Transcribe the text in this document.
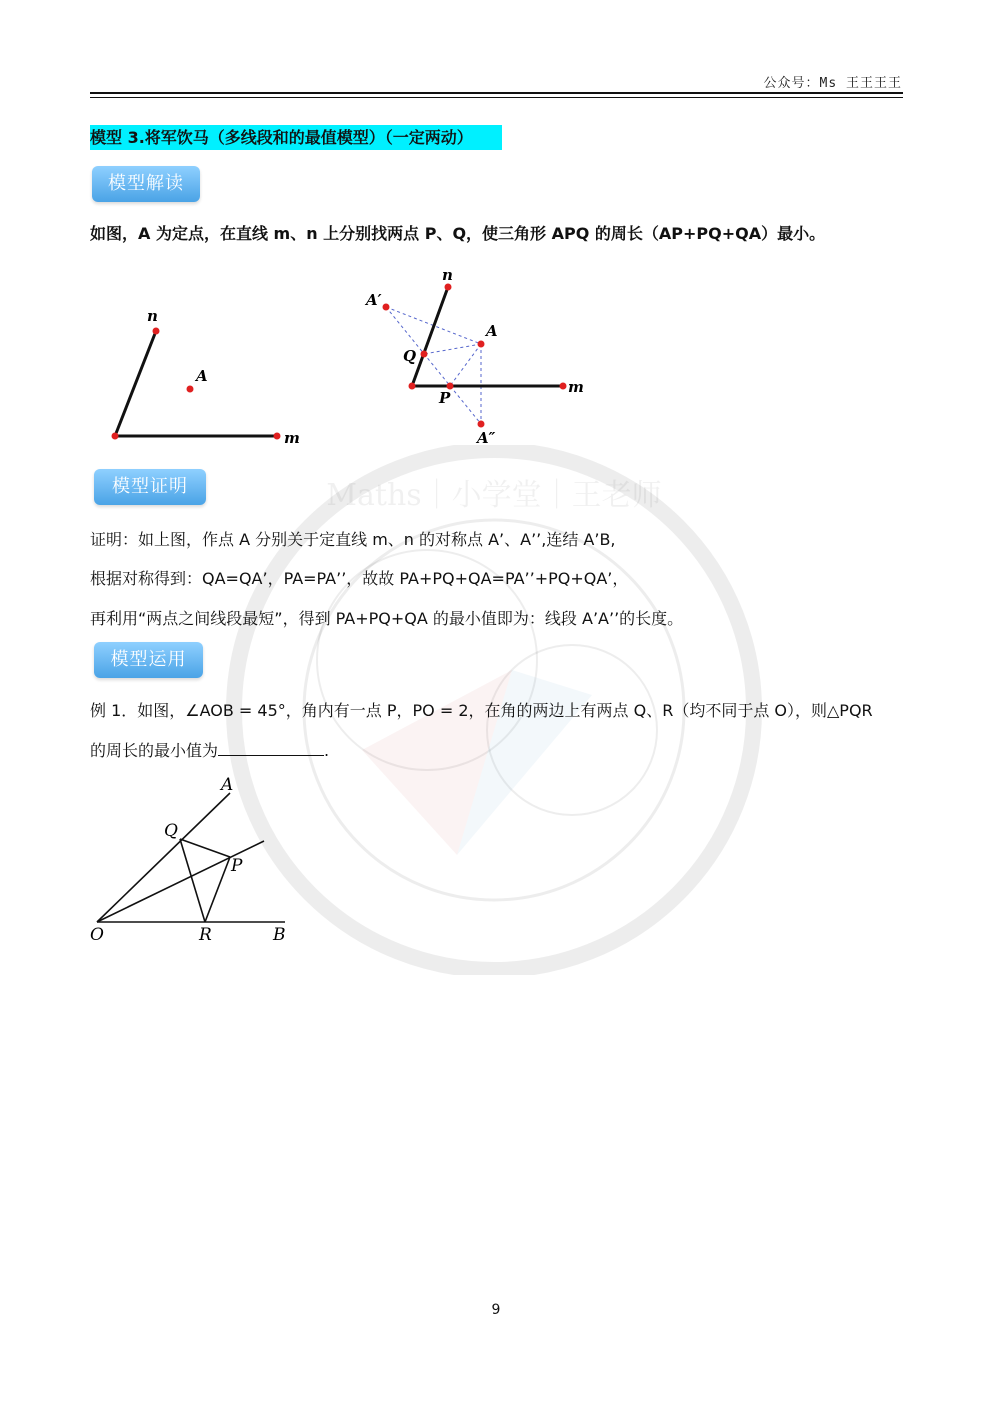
Maths｜小学堂｜王老师
公众号：Ms 王王王王
模型 3.将军饮马（多线段和的最值模型）（一定两动）
模型解读
如图，A 为定点，在直线 m、n 上分别找两点 P、Q，使三角形 APQ 的周长（AP+PQ+QA）最小。
n
A
m
n
A′
A
Q
P
m
A″
模型证明
证明：如上图，作点 A 分别关于定直线 m、n 的对称点 A’、A’’,连结 A’B,
根据对称得到：QA=QA’，PA=PA’’，故故 PA+PQ+QA=PA’’+PQ+QA’，
再利用“两点之间线段最短”，得到 PA+PQ+QA 的最小值即为：线段 A’A’’的长度。
模型运用
例 1．如图，∠AOB = 45°，角内有一点 P，PO = 2，在角的两边上有两点 Q、R（均不同于点 O），则△PQR
的周长的最小值为	.
A
Q
P
O	R	B
9
